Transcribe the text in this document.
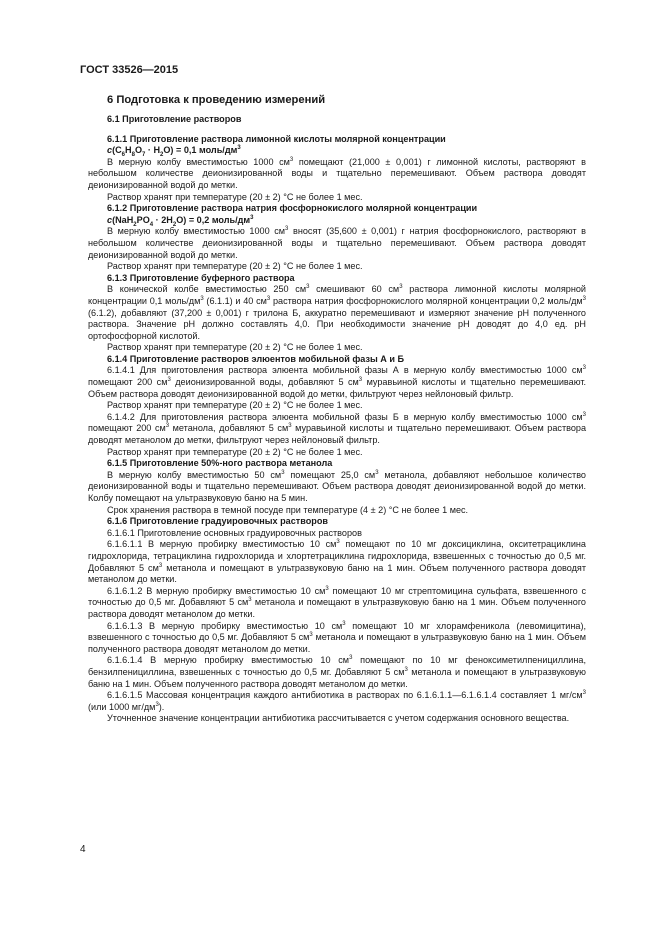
ГОСТ 33526—2015
6 Подготовка к проведению измерений
6.1 Приготовление растворов
6.1.1 Приготовление раствора лимонной кислоты молярной концентрации
$c(C_6H_8O_7 \cdot H_2O) = 0,1$ моль/$дм^3$
В мерную колбу вместимостью 1000 $см^3$ помещают (21,000 ± 0,001) г лимонной кислоты, растворяют в небольшом количестве деионизированной воды и тщательно перемешивают. Объем раствора доводят деионизированной водой до метки.
Раствор хранят при температуре (20 ± 2) °С не более 1 мес.
6.1.2 Приготовление раствора натрия фосфорнокислого молярной концентрации
$c(NaH_2PO_4 \cdot 2H_2O) = 0,2$ моль/$дм^3$
В мерную колбу вместимостью 1000 $см^3$ вносят (35,600 ± 0,001) г натрия фосфорнокислого, растворяют в небольшом количестве деионизированной воды и тщательно перемешивают. Объем раствора доводят деионизированной водой до метки.
Раствор хранят при температуре (20 ± 2) °С не более 1 мес.
6.1.3 Приготовление буферного раствора
В конической колбе вместимостью 250 $см^3$ смешивают 60 $см^3$ раствора лимонной кислоты молярной концентрации 0,1 моль/$дм^3$ (6.1.1) и 40 $см^3$ раствора натрия фосфорнокислого молярной концентрации 0,2 моль/$дм^3$ (6.1.2), добавляют (37,200 ± 0,001) г трилона Б, аккуратно перемешивают и измеряют значение pH полученного раствора. Значение pH должно составлять 4,0. При необходимости значение pH доводят до 4,0 ед. pH ортофосфорной кислотой.
Раствор хранят при температуре (20 ± 2) °С не более 1 мес.
6.1.4 Приготовление растворов элюентов мобильной фазы А и Б
6.1.4.1 Для приготовления раствора элюента мобильной фазы А в мерную колбу вместимостью 1000 $см^3$ помещают 200 $см^3$ деионизированной воды, добавляют 5 $см^3$ муравьиной кислоты и тщательно перемешивают. Объем раствора доводят деионизированной водой до метки, фильтруют через нейлоновый фильтр.
Раствор хранят при температуре (20 ± 2) °С не более 1 мес.
6.1.4.2 Для приготовления раствора элюента мобильной фазы Б в мерную колбу вместимостью 1000 $см^3$ помещают 200 $см^3$ метанола, добавляют 5 $см^3$ муравьиной кислоты и тщательно перемешивают. Объем раствора доводят метанолом до метки, фильтруют через нейлоновый фильтр.
Раствор хранят при температуре (20 ± 2) °С не более 1 мес.
6.1.5 Приготовление 50%-ного раствора метанола
В мерную колбу вместимостью 50 $см^3$ помещают 25,0 $см^3$ метанола, добавляют небольшое количество деионизированной воды и тщательно перемешивают. Объем раствора доводят деионизированной водой до метки. Колбу помещают на ультразвуковую баню на 5 мин.
Срок хранения раствора в темной посуде при температуре (4 ± 2) °С не более 1 мес.
6.1.6 Приготовление градуировочных растворов
6.1.6.1 Приготовление основных градуировочных растворов
6.1.6.1.1 В мерную пробирку вместимостью 10 $см^3$ помещают по 10 мг доксициклина, окситетрациклина гидрохлорида, тетрациклина гидрохлорида и хлортетрациклина гидрохлорида, взвешенных с точностью до 0,5 мг. Добавляют 5 $см^3$ метанола и помещают в ультразвуковую баню на 1 мин. Объем полученного раствора доводят метанолом до метки.
6.1.6.1.2 В мерную пробирку вместимостью 10 $см^3$ помещают 10 мг стрептомицина сульфата, взвешенного с точностью до 0,5 мг. Добавляют 5 $см^3$ метанола и помещают в ультразвуковую баню на 1 мин. Объем полученного раствора доводят метанолом до метки.
6.1.6.1.3 В мерную пробирку вместимостью 10 $см^3$ помещают 10 мг хлорамфеникола (левомицитина), взвешенного с точностью до 0,5 мг. Добавляют 5 $см^3$ метанола и помещают в ультразвуковую баню на 1 мин. Объем полученного раствора доводят метанолом до метки.
6.1.6.1.4 В мерную пробирку вместимостью 10 $см^3$ помещают по 10 мг феноксиметилпенициллина, бензилпенициллина, взвешенных с точностью до 0,5 мг. Добавляют 5 $см^3$ метанола и помещают в ультразвуковую баню на 1 мин. Объем полученного раствора доводят метанолом до метки.
6.1.6.1.5 Массовая концентрация каждого антибиотика в растворах по 6.1.6.1.1—6.1.6.1.4 составляет 1 $мг/см^3$ (или 1000 $мг/дм^3$).
Уточненное значение концентрации антибиотика рассчитывается с учетом содержания основного вещества.
4
